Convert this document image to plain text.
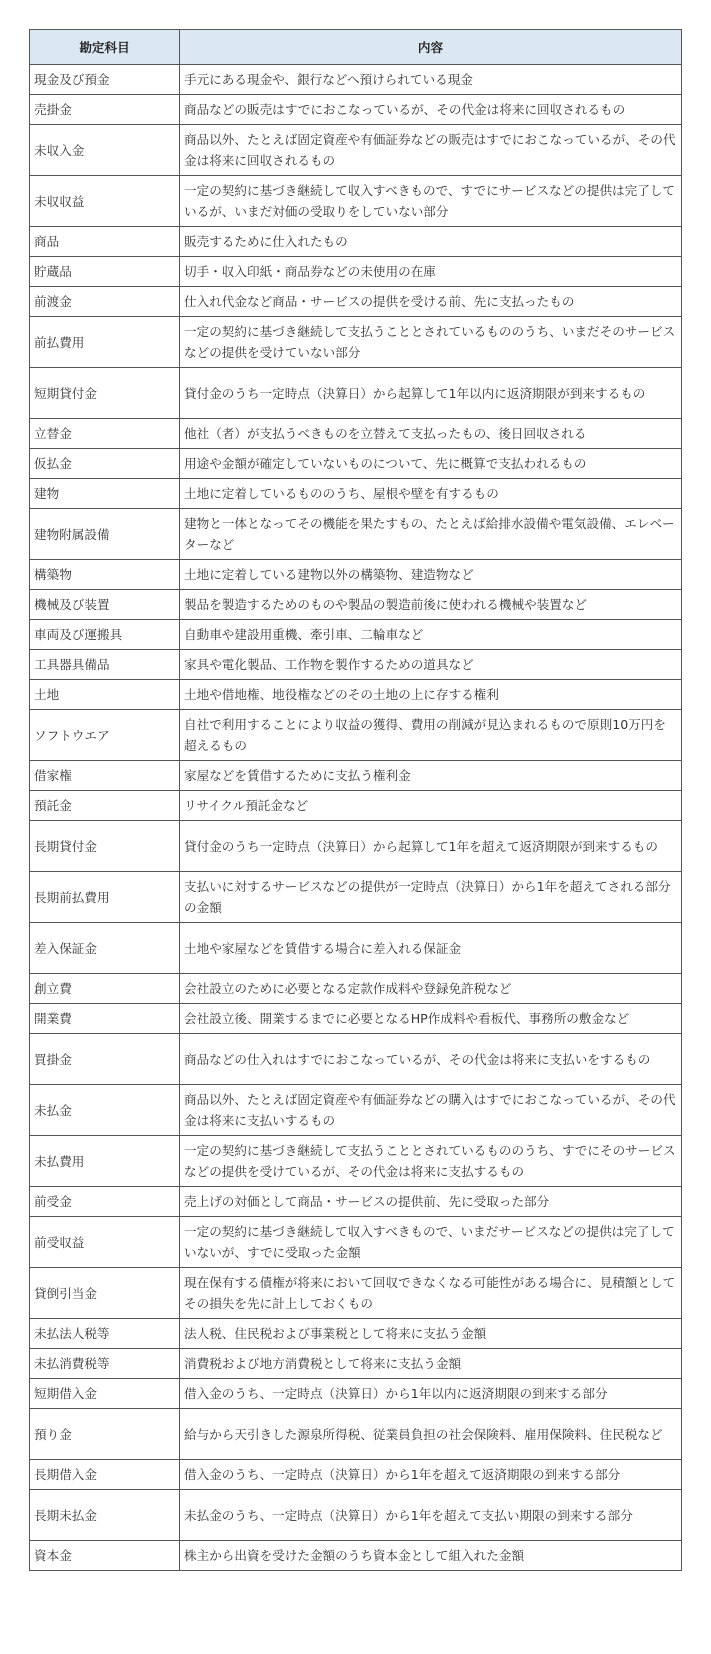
勘定科目	内容
現金及び預金	手元にある現金や、銀行などへ預けられている現金
売掛金	商品などの販売はすでにおこなっているが、その代金は将来に回収されるもの
未収入金	商品以外、たとえば固定資産や有価証券などの販売はすでにおこなっているが、その代金は将来に回収されるもの
未収収益	一定の契約に基づき継続して収入すべきもので、すでにサービスなどの提供は完了しているが、いまだ対価の受取りをしていない部分
商品	販売するために仕入れたもの
貯蔵品	切手・収入印紙・商品券などの未使用の在庫
前渡金	仕入れ代金など商品・サービスの提供を受ける前、先に支払ったもの
前払費用	一定の契約に基づき継続して支払うこととされているもののうち、いまだそのサービスなどの提供を受けていない部分
短期貸付金	貸付金のうち一定時点（決算日）から起算して1年以内に返済期限が到来するもの
立替金	他社（者）が支払うべきものを立替えて支払ったもの、後日回収される
仮払金	用途や金額が確定していないものについて、先に概算で支払われるもの
建物	土地に定着しているもののうち、屋根や壁を有するもの
建物附属設備	建物と一体となってその機能を果たすもの、たとえば給排水設備や電気設備、エレベーターなど
構築物	土地に定着している建物以外の構築物、建造物など
機械及び装置	製品を製造するためのものや製品の製造前後に使われる機械や装置など
車両及び運搬具	自動車や建設用重機、牽引車、二輪車など
工具器具備品	家具や電化製品、工作物を製作するための道具など
土地	土地や借地権、地役権などのその土地の上に存する権利
ソフトウエア	自社で利用することにより収益の獲得、費用の削減が見込まれるもので原則10万円を超えるもの
借家権	家屋などを賃借するために支払う権利金
預託金	リサイクル預託金など
長期貸付金	貸付金のうち一定時点（決算日）から起算して1年を超えて返済期限が到来するもの
長期前払費用	支払いに対するサービスなどの提供が一定時点（決算日）から1年を超えてされる部分の金額
差入保証金	土地や家屋などを賃借する場合に差入れる保証金
創立費	会社設立のために必要となる定款作成料や登録免許税など
開業費	会社設立後、開業するまでに必要となるHP作成料や看板代、事務所の敷金など
買掛金	商品などの仕入れはすでにおこなっているが、その代金は将来に支払いをするもの
未払金	商品以外、たとえば固定資産や有価証券などの購入はすでにおこなっているが、その代金は将来に支払いするもの
未払費用	一定の契約に基づき継続して支払うこととされているもののうち、すでにそのサービスなどの提供を受けているが、その代金は将来に支払するもの
前受金	売上げの対価として商品・サービスの提供前、先に受取った部分
前受収益	一定の契約に基づき継続して収入すべきもので、いまだサービスなどの提供は完了していないが、すでに受取った金額
貸倒引当金	現在保有する債権が将来において回収できなくなる可能性がある場合に、見積額としてその損失を先に計上しておくもの
未払法人税等	法人税、住民税および事業税として将来に支払う金額
未払消費税等	消費税および地方消費税として将来に支払う金額
短期借入金	借入金のうち、一定時点（決算日）から1年以内に返済期限の到来する部分
預り金	給与から天引きした源泉所得税、従業員負担の社会保険料、雇用保険料、住民税など
長期借入金	借入金のうち、一定時点（決算日）から1年を超えて返済期限の到来する部分
長期未払金	未払金のうち、一定時点（決算日）から1年を超えて支払い期限の到来する部分
資本金	株主から出資を受けた金額のうち資本金として組入れた金額
